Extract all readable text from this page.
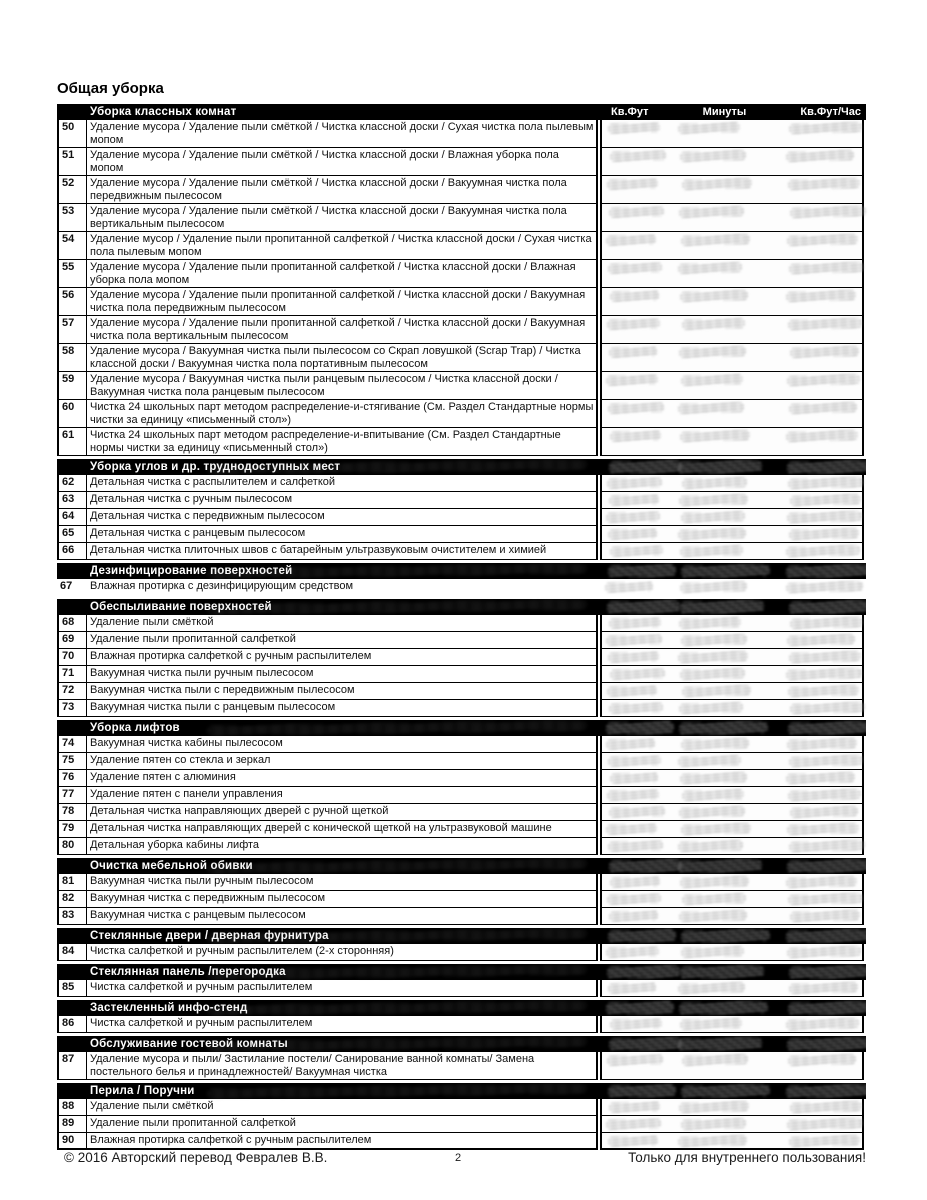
Общая уборка
Уборка классных комнат	Кв.Фут	Минуты	Кв.Фут/Час
50	Удаление мусора / Удаление пыли смёткой / Чистка классной доски / Сухая чистка пола пылевым мопом
51	Удаление мусора / Удаление пыли смёткой / Чистка классной доски / Влажная уборка пола мопом
52	Удаление мусора / Удаление пыли смёткой / Чистка классной доски / Вакуумная чистка пола передвижным пылесосом
53	Удаление мусора / Удаление пыли смёткой / Чистка классной доски / Вакуумная чистка пола вертикальным пылесосом
54	Удаление мусор / Удаление пыли пропитанной салфеткой / Чистка классной доски / Сухая чистка пола пылевым мопом
55	Удаление мусора / Удаление пыли пропитанной салфеткой / Чистка классной доски / Влажная уборка пола мопом
56	Удаление мусора / Удаление пыли пропитанной салфеткой / Чистка классной доски / Вакуумная чистка пола передвижным пылесосом
57	Удаление мусора / Удаление пыли пропитанной салфеткой / Чистка классной доски / Вакуумная чистка пола вертикальным пылесосом
58	Удаление мусора / Вакуумная чистка пыли пылесосом со Скрап ловушкой (Scrap Trap) / Чистка классной доски / Вакуумная чистка пола портативным пылесосом
59	Удаление мусора / Вакуумная чистка пыли ранцевым пылесосом / Чистка классной доски / Вакуумная чистка пола ранцевым пылесосом
60	Чистка 24 школьных парт методом распределение-и-стягивание (См. Раздел Стандартные нормы чистки за единицу «письменный стол»)
61	Чистка 24 школьных парт методом распределение-и-впитывание (См. Раздел Стандартные нормы чистки за единицу «письменный стол»)
Уборка углов и др. труднодоступных мест
62	Детальная чистка с распылителем и салфеткой
63	Детальная чистка с ручным пылесосом
64	Детальная чистка с передвижным пылесосом
65	Детальная чистка с ранцевым пылесосом
66	Детальная чистка плиточных швов с батарейным ультразвуковым очистителем и химией
Дезинфицирование поверхностей
67	Влажная протирка с дезинфицирующим средством
Обеспыливание поверхностей
68	Удаление пыли смёткой
69	Удаление пыли пропитанной салфеткой
70	Влажная протирка салфеткой с ручным распылителем
71	Вакуумная чистка пыли ручным пылесосом
72	Вакуумная чистка пыли с передвижным пылесосом
73	Вакуумная чистка пыли с ранцевым пылесосом
Уборка лифтов
74	Вакуумная чистка кабины пылесосом
75	Удаление пятен со стекла и зеркал
76	Удаление пятен с алюминия
77	Удаление пятен с панели управления
78	Детальная чистка направляющих дверей с ручной щеткой
79	Детальная чистка направляющих дверей с конической щеткой на ультразвуковой машине
80	Детальная уборка кабины лифта
Очистка мебельной обивки
81	Вакуумная чистка пыли ручным пылесосом
82	Вакуумная чистка с передвижным пылесосом
83	Вакуумная чистка с ранцевым пылесосом
Стеклянные двери / дверная фурнитура
84	Чистка салфеткой и ручным распылителем (2-х сторонняя)
Стеклянная панель /перегородка
85	Чистка салфеткой и ручным распылителем
Застекленный инфо-стенд
86	Чистка салфеткой и ручным распылителем
Обслуживание гостевой комнаты
87	Удаление мусора и пыли/ Застилание постели/ Санирование ванной комнаты/ Замена постельного белья и принадлежностей/ Вакуумная чистка
Перила / Поручни
88	Удаление пыли смёткой
89	Удаление пыли пропитанной салфеткой
90	Влажная протирка салфеткой с ручным распылителем
© 2016 Авторский перевод Февралев В.В.	2	Только для внутреннего пользования!
